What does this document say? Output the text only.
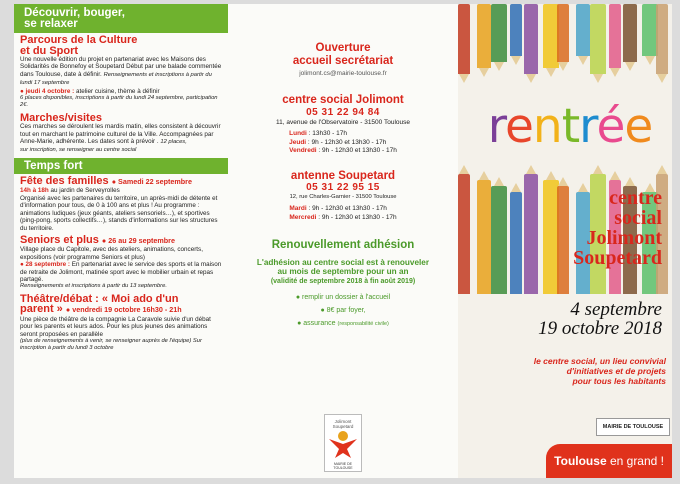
Découvrir, bouger,
se relaxer
Parcours de la Culture
et du Sport

Une nouvelle édition du projet en partenariat avec les Maisons des Solidarités de Bonnefoy et Soupetard Début par une balade commentée dans Toulouse, date à définir. Renseignements et inscriptions à partir du lundi 17 septembre

● jeudi 4 octobre : atelier cuisine, thème à définir

6 places disponibles, inscriptions à partir du lundi 24 septembre, participation 2€.

Marches/visites

Ces marches se déroulent les mardis matin, elles consistent à découvrir tout en marchant le patrimoine culturel de la Ville. Accompagnées par Anne-Marie, adhérente. Les dates sont à prévoir . 12 places,

sur inscription, se renseigner au centre social

Temps fort
Fête des familles ● Samedi 22 septembre

14h à 18h au jardin de Serveyrolles

Organisé avec les partenaires du territoire, un après-midi de détente et d'information pour tous, de 0 à 100 ans et plus ! Au programme : animations ludiques (jeux géants, ateliers sensoriels…), et sportives (ping-pong, sports collectifs…), stands d'informations sur les structures du territoire.

Seniors et plus ● 26 au 29 septembre

Village place du Capitole, avec des ateliers, animations, concerts, expositions (voir programme Seniors et plus)

● 28 septembre : En partenariat avec le service des sports et la maison de retraite de Jolimont, matinée sport avec le mobilier urbain et repas partagé.

Renseignements et inscriptions à partir du 13 septembre.

Théâtre/débat : « Moi ado d'un
parent » ● vendredi 19 octobre 16h30 - 21h

Une pièce de théâtre de la compagnie La Caravole suivie d'un débat pour les parents et leurs ados. Pour les plus jeunes des animations seront proposées en parallèle

(plus de renseignements à venir, se renseigner auprès de l'équipe) Sur inscription à partir du lundi 3 octobre

Ouverture
accueil secrétariat
jolimont.cs@mairie-toulouse.fr
centre social Jolimont
05 31 22 94 84
11, avenue de l'Observatoire - 31500 Toulouse
Lundi : 13h30 - 17h
Jeudi : 9h - 12h30 et 13h30 - 17h
Vendredi : 9h - 12h30 et 13h30 - 17h
antenne Soupetard
05 31 22 95 15
12, rue Charles-Garnier - 31500 Toulouse
Mardi : 9h - 12h30 et 13h30 - 17h
Mercredi : 9h - 12h30 et 13h30 - 17h
Renouvellement adhésion
L'adhésion au centre social est à renouveler
au mois de septembre pour un an
(validité de septembre 2018 à fin août 2019)
● remplir un dossier à l'accueil
● 8€ par foyer,
● assurance (responsabilité civile)
Jolimont
Soupetard
MAIRIE DE TOULOUSE
rentrée
centre
social
Jolimont
Soupetard
4 septembre
19 octobre 2018
le centre social, un lieu convivial
d'initiatives et de projets
pour tous les habitants
MAIRIE DE TOULOUSE
Toulouse en grand !
